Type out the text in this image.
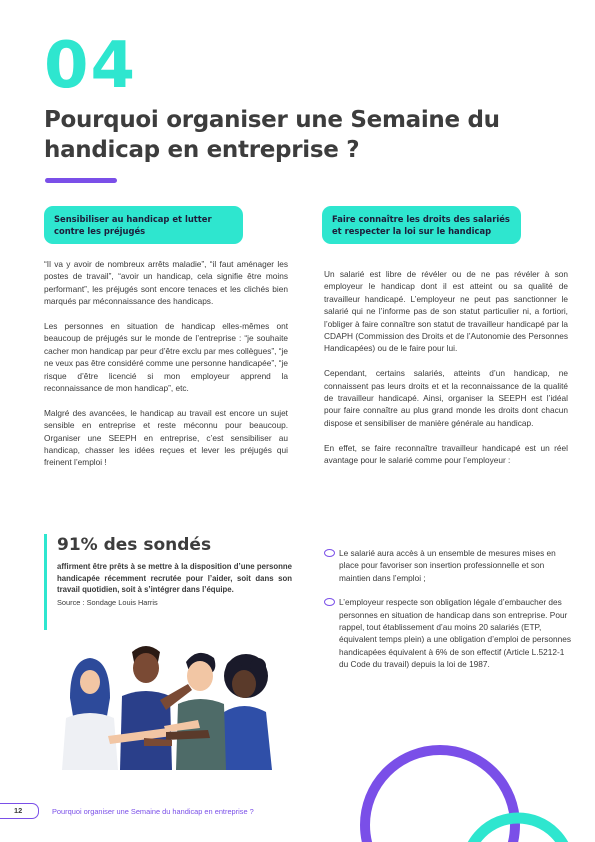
04
Pourquoi organiser une Semaine du handicap en entreprise ?
Sensibiliser au handicap et lutter contre les préjugés
Faire connaître les droits des salariés et respecter la loi sur le handicap

“Il va y avoir de nombreux arrêts maladie”, “il faut aménager les postes de travail”, “avoir un handicap, cela signifie être moins performant”, les préjugés sont encore tenaces et les clichés bien marqués par méconnaissance des handicaps.

Les personnes en situation de handicap elles-mêmes ont beaucoup de préjugés sur le monde de l’entreprise : “je souhaite cacher mon handicap par peur d’être exclu par mes collègues”, “je ne veux pas être considéré comme une personne handicapée”, “je risque d’être licencié si mon employeur apprend la reconnaissance de mon handicap”, etc.

Malgré des avancées, le handicap au travail est encore un sujet sensible en entreprise et reste méconnu pour beaucoup. Organiser une SEEPH en entreprise, c’est sensibiliser au handicap, chasser les idées reçues et lever les préjugés qui freinent l’emploi !

91% des sondés
affirment être prêts à se mettre à la disposition d’une personne handicapée récemment recrutée pour l’aider, soit dans son travail quotidien, soit à s’intégrer dans l’équipe.
Source : Sondage Louis Harris

Un salarié est libre de révéler ou de ne pas révéler à son employeur le handicap dont il est atteint ou sa qualité de travailleur handicapé. L’employeur ne peut pas sanctionner le salarié qui ne l’informe pas de son statut particulier ni, a fortiori, l’obliger à faire connaître son statut de travailleur handicapé par la CDAPH (Commission des Droits et de l’Autonomie des Personnes Handicapées) ou de le faire pour lui.

Cependant, certains salariés, atteints d’un handicap, ne connaissent pas leurs droits et et la reconnaissance de la qualité de travailleur handicapé. Ainsi, organiser la SEEPH est l’idéal pour faire connaître au plus grand monde les droits dont chacun dispose et sensibiliser de manière générale au handicap.

En effet, se faire reconnaître travailleur handicapé est un réel avantage pour le salarié comme pour l’employeur :

Le salarié aura accès à un ensemble de mesures mises en place pour favoriser son insertion professionnelle et son maintien dans l’emploi ;
L’employeur respecte son obligation légale d’embaucher des personnes en situation de handicap dans son entreprise. Pour rappel, tout établissement d’au moins 20 salariés (ETP, équivalent temps plein) a une obligation d’emploi de personnes handicapées équivalent à 6% de son effectif (Article L.5212-1 du Code du travail) depuis la loi de 1987.
12	Pourquoi organiser une Semaine du handicap en entreprise ?
